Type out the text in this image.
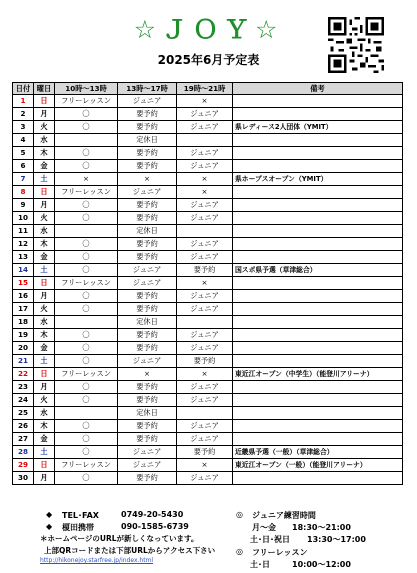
☆ＪＯＹ☆
2025年6月予定表
日付	曜日	10時～13時	13時～17時	19時～21時	備考
1	日	フリーレッスン	ジュニア	×	
2	月	〇	要予約	ジュニア	
3	火	〇	要予約	ジュニア	県レディース2人団体（YMIT）
4	水		定休日		
5	木	〇	要予約	ジュニア	
6	金	〇	要予約	ジュニア	
7	土	×	×	×	県ホープスオープン（YMIT）
8	日	フリーレッスン	ジュニア	×	
9	月	〇	要予約	ジュニア	
10	火	〇	要予約	ジュニア	
11	水		定休日		
12	木	〇	要予約	ジュニア	
13	金	〇	要予約	ジュニア	
14	土	〇	ジュニア	要予約	国スポ県予選（草津総合）
15	日	フリーレッスン	ジュニア	×	
16	月	〇	要予約	ジュニア	
17	火	〇	要予約	ジュニア	
18	水		定休日		
19	木	〇	要予約	ジュニア	
20	金	〇	要予約	ジュニア	
21	土	〇	ジュニア	要予約	
22	日	フリーレッスン	×	×	東近江オープン（中学生）（能登川アリーナ）
23	月	〇	要予約	ジュニア	
24	火	〇	要予約	ジュニア	
25	水		定休日		
26	木	〇	要予約	ジュニア	
27	金	〇	要予約	ジュニア	
28	土	〇	ジュニア	要予約	近畿県予選（一般）（草津総合）
29	日	フリーレッスン	ジュニア	×	東近江オープン（一般）（能登川アリーナ）
30	月	〇	要予約	ジュニア	
◆ TEL･FAX	0749-20-5430
◆ 榎田携帯	090-1585-6739
＊ホームページのURLが新しくなっています。
上部QRコードまたは下部URLからアクセス下さい
http://hikonejoy.starfree.jp/index.html
◎ ジュニア練習時間
月～金 18:30～21:00
土･日･祝日 13:30～17:00
◎ フリーレッスン
土･日	10:00～12:00
